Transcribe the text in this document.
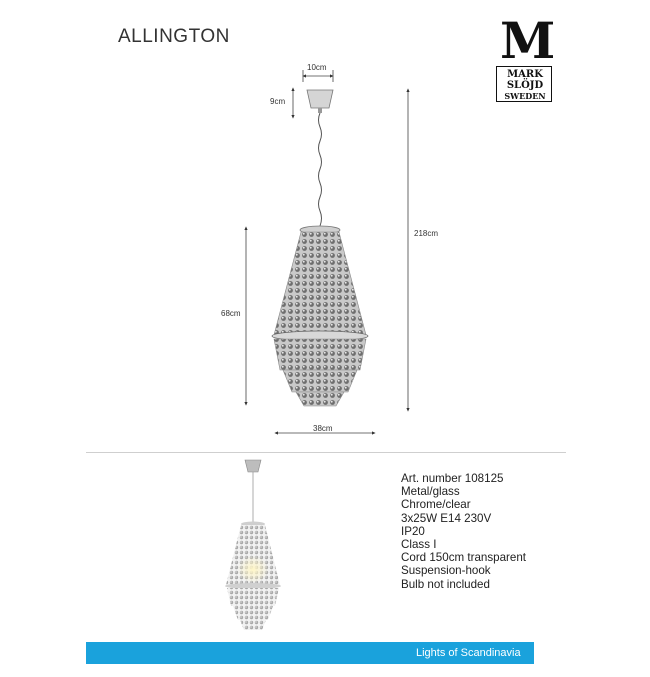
ALLINGTON	M
MARK
SLÖJD
SWEDEN
10cm
9cm
218cm
68cm
38cm
Art. number 108125
Metal/glass
Chrome/clear
3x25W E14 230V
IP20
Class I
Cord 150cm transparent
Suspension-hook
Bulb not included
Lights of Scandinavia
